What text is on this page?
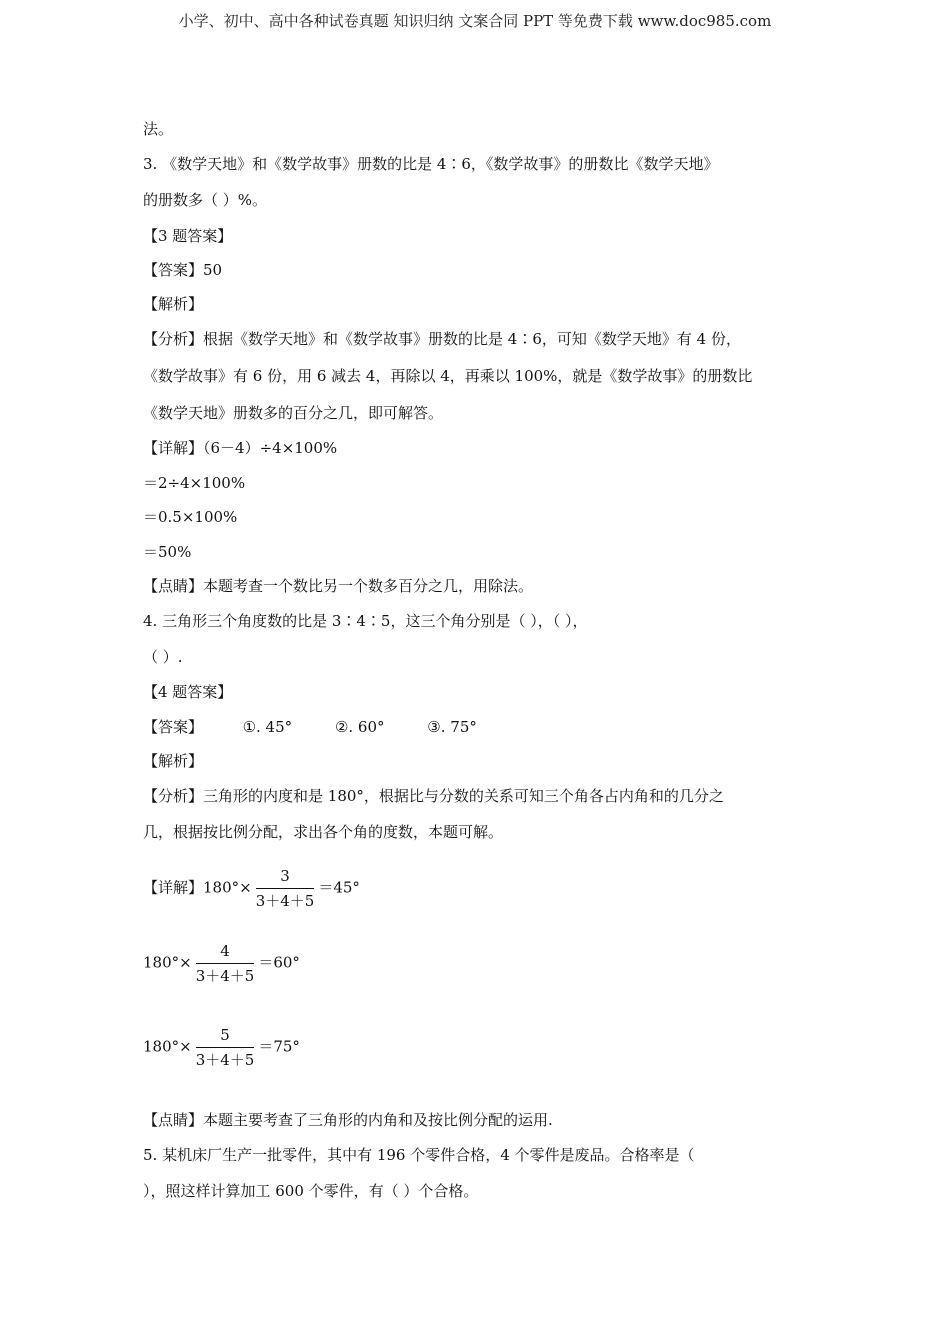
小学、初中、高中各种试卷真题 知识归纳 文案合同 PPT 等免费下载 www.doc985.com
法。
3. 《数学天地》和《数学故事》册数的比是 4∶6，《数学故事》的册数比《数学天地》
的册数多（ ）%。
【3 题答案】
【答案】50
【解析】
【分析】根据《数学天地》和《数学故事》册数的比是 4∶6，可知《数学天地》有 4 份，
《数学故事》有 6 份，用 6 减去 4，再除以 4，再乘以 100%，就是《数学故事》的册数比
《数学天地》册数多的百分之几，即可解答。
【详解】（6－4）÷4×100%
＝2÷4×100%
＝0.5×100%
＝50%
【点睛】本题考查一个数比另一个数多百分之几，用除法。
4. 三角形三个角度数的比是 3∶4∶5，这三个角分别是（ ），（ ），
（ ）.
【4 题答案】
【答案】	①. 45°	②. 60°	③. 75°
【解析】
【分析】三角形的内度和是 180°，根据比与分数的关系可知三个角各占内角和的几分之
几，根据按比例分配，求出各个角的度数，本题可解。
【详解】$180^\circ\times \frac{3}{3+4+5} =45^\circ$
$180^\circ\times \frac{4}{3+4+5} =60^\circ$
$180^\circ\times \frac{5}{3+4+5} =75^\circ$
【点睛】本题主要考查了三角形的内角和及按比例分配的运用.
5. 某机床厂生产一批零件，其中有 196 个零件合格，4 个零件是废品。合格率是（
），照这样计算加工 600 个零件，有（ ）个合格。
